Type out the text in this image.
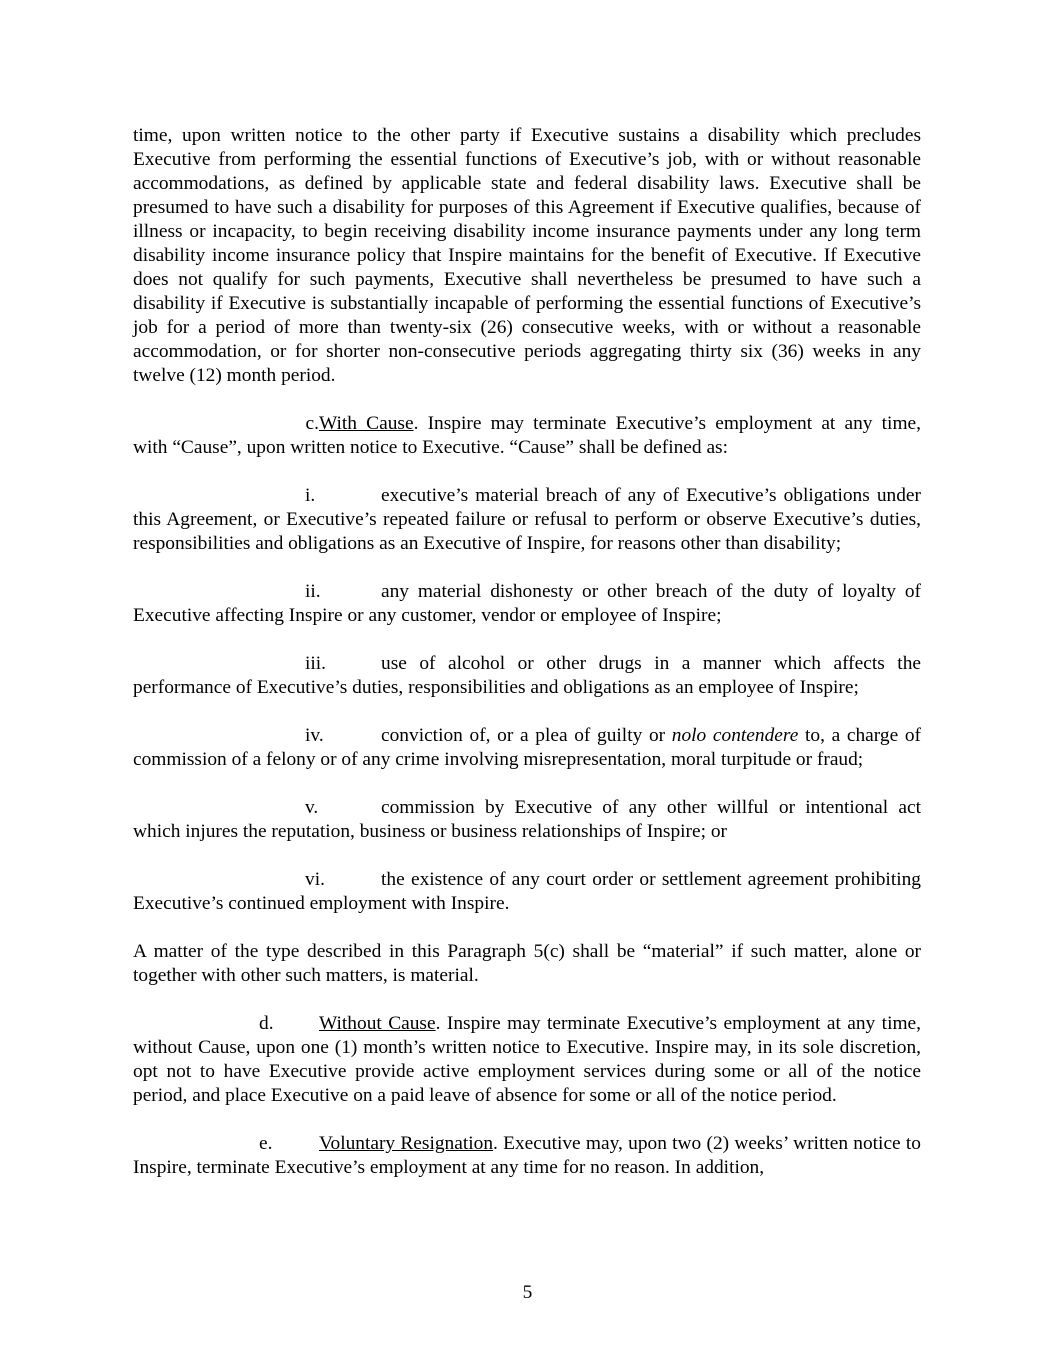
time, upon written notice to the other party if Executive sustains a disability which precludes Executive from performing the essential functions of Executive’s job, with or without reasonable accommodations, as defined by applicable state and federal disability laws. Executive shall be presumed to have such a disability for purposes of this Agreement if Executive qualifies, because of illness or incapacity, to begin receiving disability income insurance payments under any long term disability income insurance policy that Inspire maintains for the benefit of Executive. If Executive does not qualify for such payments, Executive shall nevertheless be presumed to have such a disability if Executive is substantially incapable of performing the essential functions of Executive’s job for a period of more than twenty-six (26) consecutive weeks, with or without a reasonable accommodation, or for shorter non-consecutive periods aggregating thirty six (36) weeks in any twelve (12) month period.

c.With Cause. Inspire may terminate Executive’s employment at any time, with “Cause”, upon written notice to Executive. “Cause” shall be defined as:

i.	executive’s material breach of any of Executive’s obligations under this Agreement, or Executive’s repeated failure or refusal to perform or observe Executive’s duties, responsibilities and obligations as an Executive of Inspire, for reasons other than disability;

ii.	any material dishonesty or other breach of the duty of loyalty of Executive affecting Inspire or any customer, vendor or employee of Inspire;

iii.	use of alcohol or other drugs in a manner which affects the performance of Executive’s duties, responsibilities and obligations as an employee of Inspire;

iv.	conviction of, or a plea of guilty or nolo contendere to, a charge of commission of a felony or of any crime involving misrepresentation, moral turpitude or fraud;

v.	commission by Executive of any other willful or intentional act which injures the reputation, business or business relationships of Inspire; or

vi.	the existence of any court order or settlement agreement prohibiting Executive’s continued employment with Inspire.

A matter of the type described in this Paragraph 5(c) shall be “material” if such matter, alone or together with other such matters, is material.

d. Without Cause. Inspire may terminate Executive’s employment at any time, without Cause, upon one (1) month’s written notice to Executive. Inspire may, in its sole discretion, opt not to have Executive provide active employment services during some or all of the notice period, and place Executive on a paid leave of absence for some or all of the notice period.

e. Voluntary Resignation. Executive may, upon two (2) weeks’ written notice to Inspire, terminate Executive’s employment at any time for no reason. In addition,

5
